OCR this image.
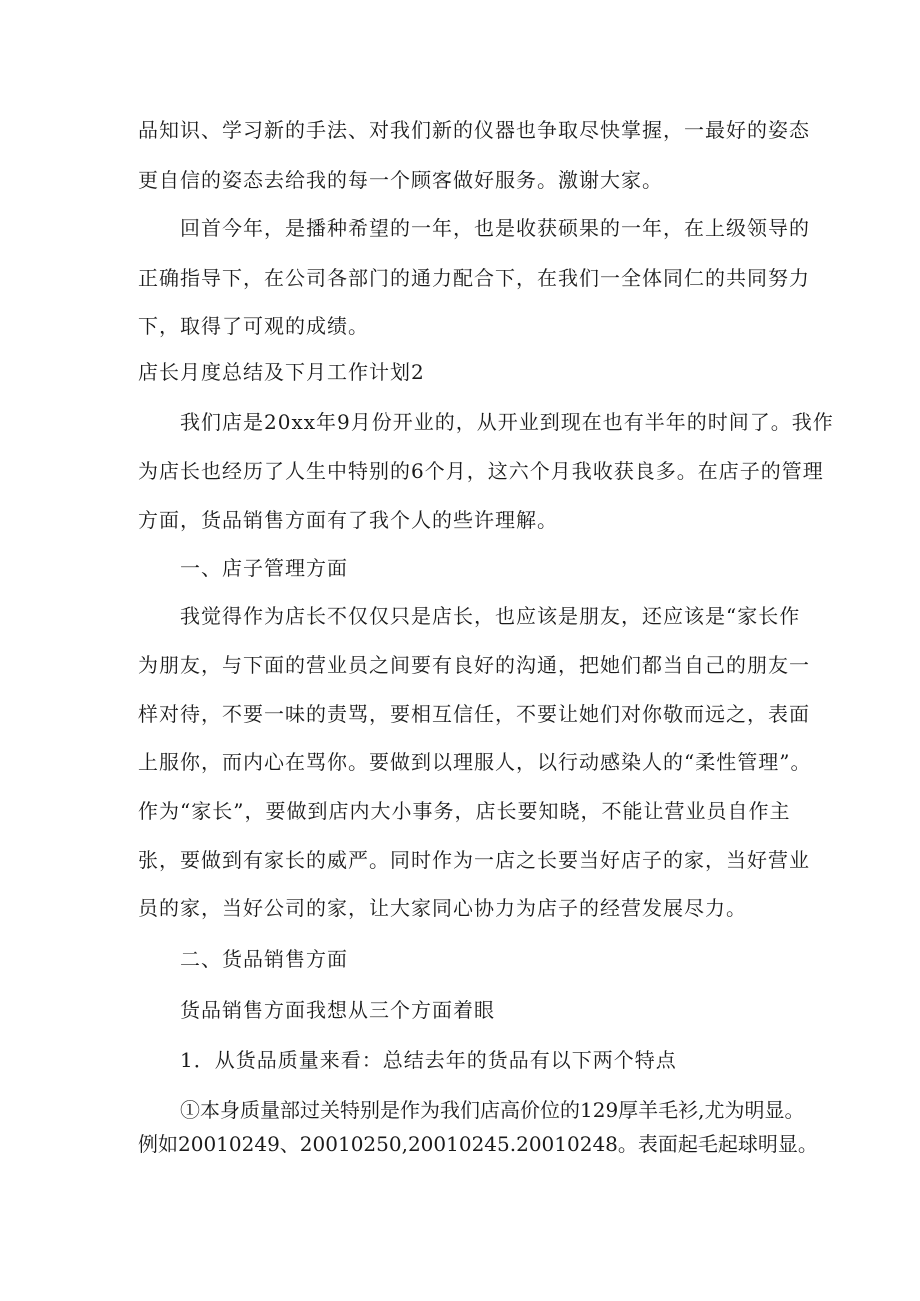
品知识、学习新的手法、对我们新的仪器也争取尽快掌握，一最好的姿态
更自信的姿态去给我的每一个顾客做好服务。激谢大家。
回首今年，是播种希望的一年，也是收获硕果的一年，在上级领导的
正确指导下，在公司各部门的通力配合下，在我们一全体同仁的共同努力
下，取得了可观的成绩。
店长月度总结及下月工作计划2
我们店是20xx年9月份开业的，从开业到现在也有半年的时间了。我作
为店长也经历了人生中特别的6个月，这六个月我收获良多。在店子的管理
方面，货品销售方面有了我个人的些许理解。
一、店子管理方面
我觉得作为店长不仅仅只是店长，也应该是朋友，还应该是“家长作
为朋友，与下面的营业员之间要有良好的沟通，把她们都当自己的朋友一
样对待，不要一味的责骂，要相互信任，不要让她们对你敬而远之，表面
上服你，而内心在骂你。要做到以理服人，以行动感染人的“柔性管理”。
作为“家长”，要做到店内大小事务，店长要知晓，不能让营业员自作主
张，要做到有家长的威严。同时作为一店之长要当好店子的家，当好营业
员的家，当好公司的家，让大家同心协力为店子的经营发展尽力。
二、货品销售方面
货品销售方面我想从三个方面着眼
1．从货品质量来看：总结去年的货品有以下两个特点
①本身质量部过关特别是作为我们店高价位的129厚羊毛衫,尤为明显。
例如20010249、20010250,20010245.20010248。表面起毛起球明显。
